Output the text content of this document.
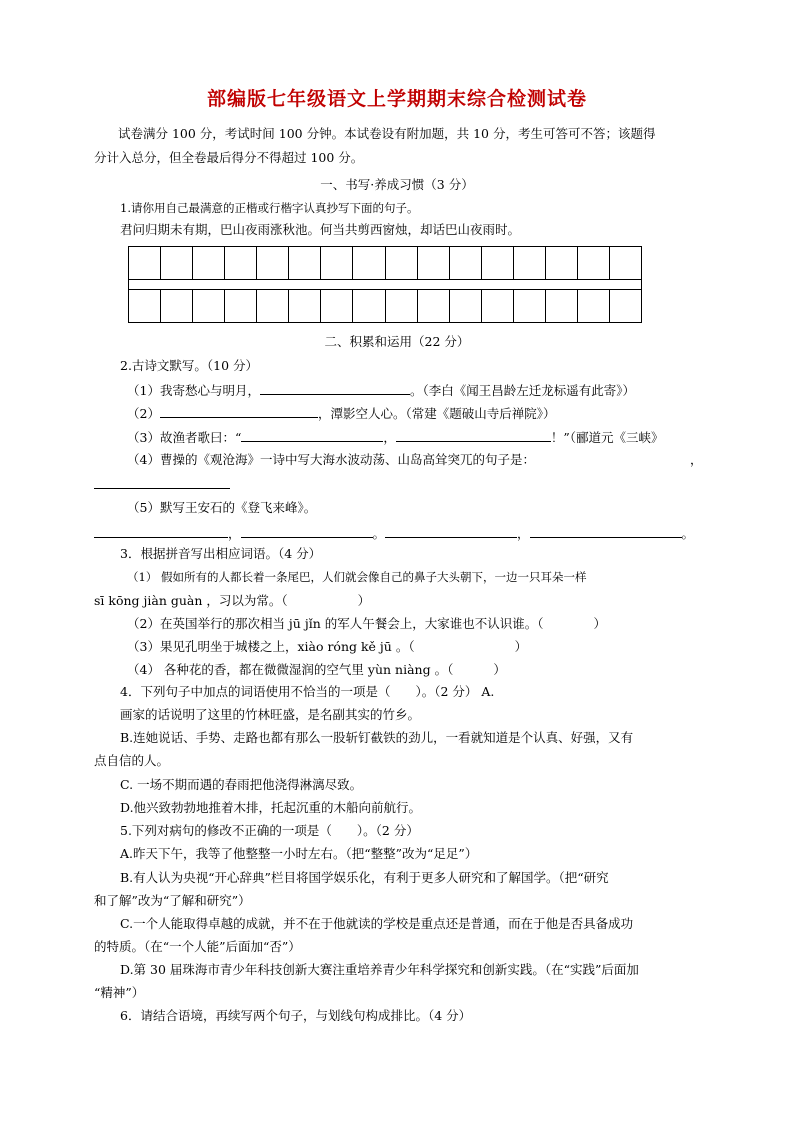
部编版七年级语文上学期期末综合检测试卷
试卷满分 100 分，考试时间 100 分钟。本试卷设有附加题，共 10 分，考生可答可不答；该题得
分计入总分，但全卷最后得分不得超过 100 分。
一、书写·养成习惯（3 分）
1.请你用自己最满意的正楷或行楷字认真抄写下面的句子。
君问归期未有期，巴山夜雨涨秋池。何当共剪西窗烛，却话巴山夜雨时。
二、积累和运用（22 分）
2.古诗文默写。（10 分）
（1）我寄愁心与明月，	。（李白《闻王昌龄左迁龙标遥有此寄》）
（2）	，潭影空人心。（常建《题破山寺后禅院》）
（3）故渔者歌曰：“	，	！”（郦道元《三峡》
（4）曹操的《观沧海》一诗中写大海水波动荡、山岛高耸突兀的句子是：	，
（5）默写王安石的《登飞来峰》。
，	。	，	。
3．根据拼音写出相应词语。（4 分）
（1） 假如所有的人都长着一条尾巴，人们就会像自己的鼻子大头朝下，一边一只耳朵一样
sī kōng jiàn guàn ，习以为常。（	）
（2）在英国举行的那次相当 jū jǐn 的军人午餐会上，大家谁也不认识谁。（	）
（3）果见孔明坐于城楼之上，xiào róng kě jū 。（	）
（4） 各种花的香，都在微微湿润的空气里 yùn niàng 。（	）
4．下列句子中加点的词语使用不恰当的一项是（　　）。（2 分） A.
画家的话说明了这里的竹林旺盛，是名副其实的竹乡。
B.连她说话、手势、走路也都有那么一股斩钉截铁的劲儿，一看就知道是个认真、好强，又有
点自信的人。
C. 一场不期而遇的春雨把他浇得淋漓尽致。
D.他兴致勃勃地推着木排，托起沉重的木船向前航行。
5.下列对病句的修改不正确的一项是（　　）。（2 分）
A.昨天下午，我等了他整整一小时左右。（把“整整”改为“足足”）
B.有人认为央视“开心辞典”栏目将国学娱乐化，有利于更多人研究和了解国学。（把“研究
和了解”改为“了解和研究”）
C.一个人能取得卓越的成就，并不在于他就读的学校是重点还是普通，而在于他是否具备成功
的特质。（在“一个人能”后面加“否”）
D.第 30 届珠海市青少年科技创新大赛注重培养青少年科学探究和创新实践。（在“实践”后面加
“精神”）
6．请结合语境，再续写两个句子，与划线句构成排比。（4 分）
